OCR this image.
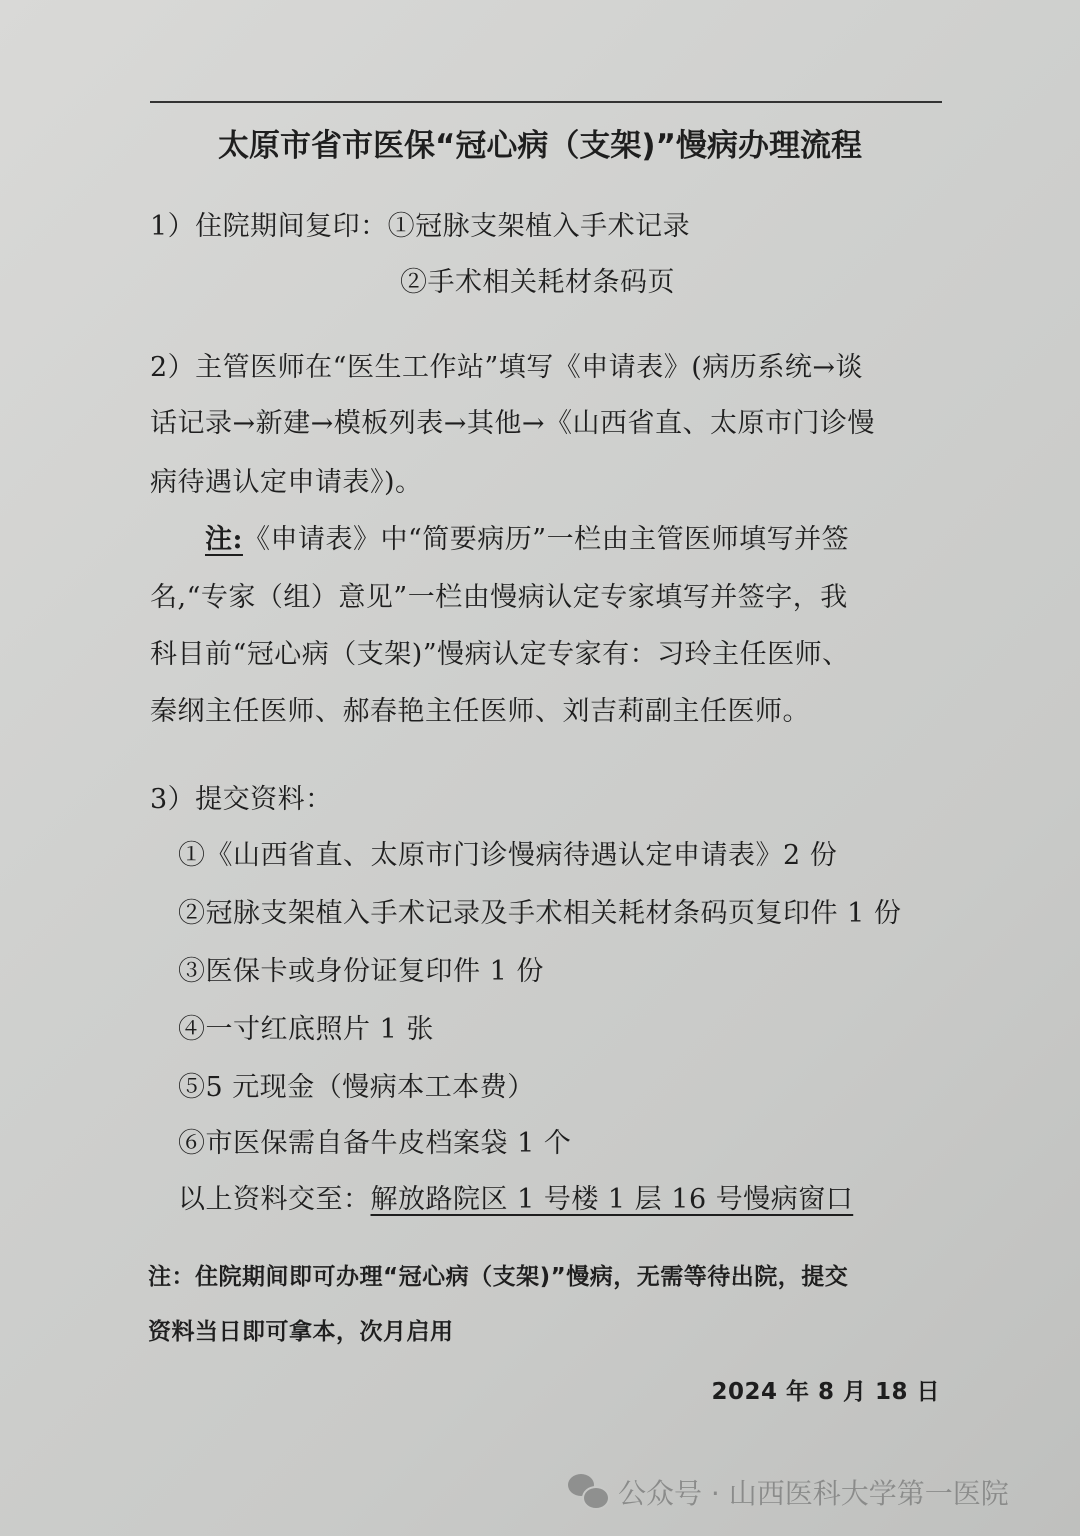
太原市省市医保“冠心病（支架)”慢病办理流程
1）住院期间复印：①冠脉支架植入手术记录
②手术相关耗材条码页
2）主管医师在“医生工作站”填写《申请表》(病历系统→谈
话记录→新建→模板列表→其他→《山西省直、太原市门诊慢
病待遇认定申请表》)。
注:《申请表》中“简要病历”一栏由主管医师填写并签
名,“专家（组）意见”一栏由慢病认定专家填写并签字，我
科目前“冠心病（支架)”慢病认定专家有：习玲主任医师、
秦纲主任医师、郝春艳主任医师、刘吉莉副主任医师。
3）提交资料：
①《山西省直、太原市门诊慢病待遇认定申请表》2 份
②冠脉支架植入手术记录及手术相关耗材条码页复印件 1 份
③医保卡或身份证复印件 1 份
④一寸红底照片 1 张
⑤5 元现金（慢病本工本费）
⑥市医保需自备牛皮档案袋 1 个
以上资料交至：解放路院区 1 号楼 1 层 16 号慢病窗口
注：住院期间即可办理“冠心病（支架)”慢病，无需等待出院，提交
资料当日即可拿本，次月启用
2024 年 8 月 18 日
公众号 · 山西医科大学第一医院
